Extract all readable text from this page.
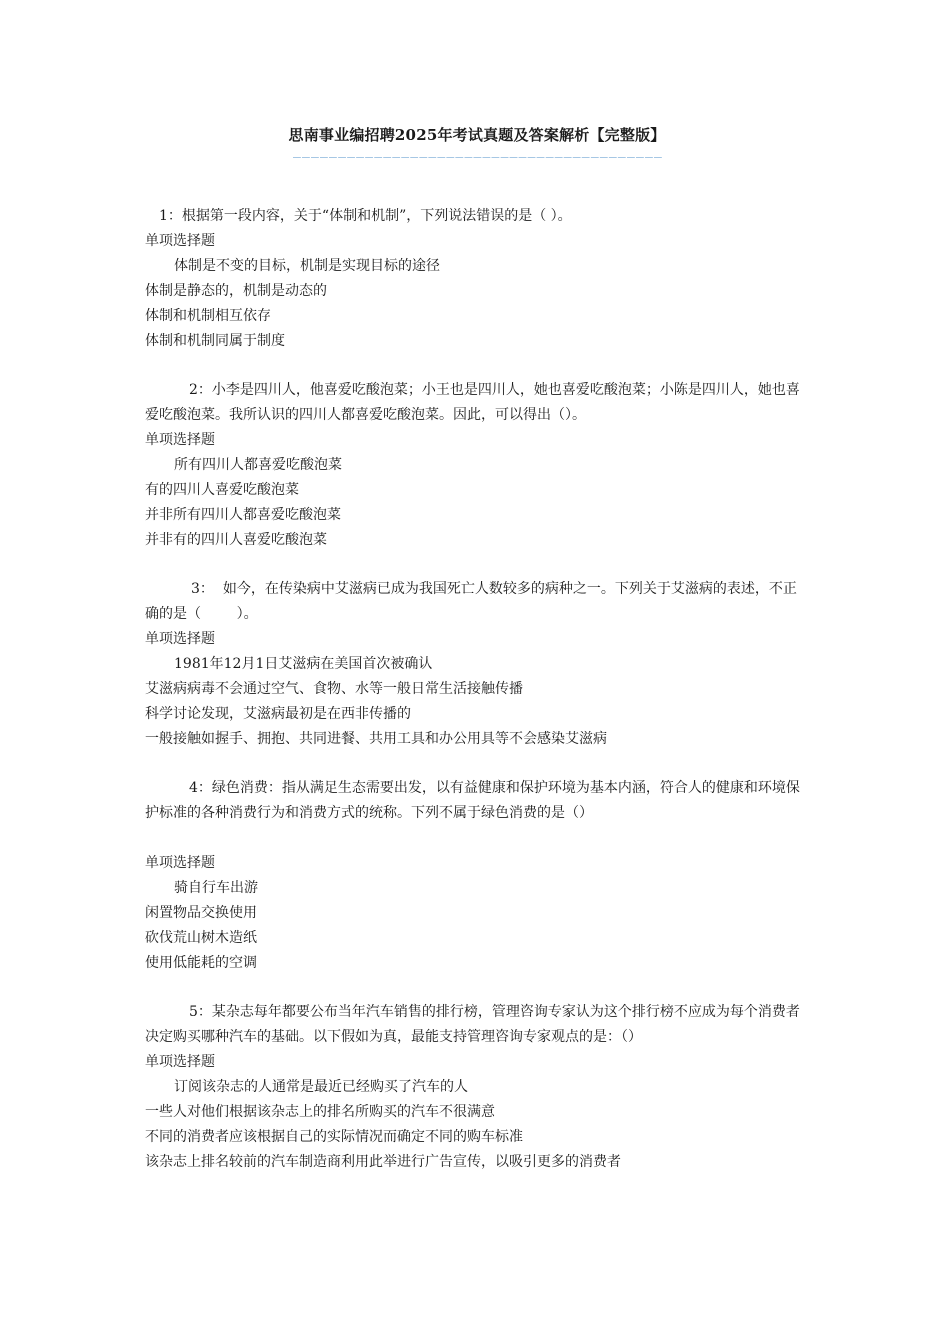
思南事业编招聘2025年考试真题及答案解析【完整版】
—————————————————————————————————————————

1：根据第一段内容，关于“体制和机制”，下列说法错误的是（ ）。

单项选择题

体制是不变的目标，机制是实现目标的途径

体制是静态的，机制是动态的

体制和机制相互依存

体制和机制同属于制度

2：小李是四川人，他喜爱吃酸泡菜；小王也是四川人，她也喜爱吃酸泡菜；小陈是四川人，她也喜爱吃酸泡菜。我所认识的四川人都喜爱吃酸泡菜。因此，可以得出（）。

单项选择题

所有四川人都喜爱吃酸泡菜

有的四川人喜爱吃酸泡菜

并非所有四川人都喜爱吃酸泡菜

并非有的四川人喜爱吃酸泡菜

3：  如今，在传染病中艾滋病已成为我国死亡人数较多的病种之一。下列关于艾滋病的表述，不正确的是（        ）。

单项选择题

1981年12月1日艾滋病在美国首次被确认

艾滋病病毒不会通过空气、食物、水等一般日常生活接触传播

科学讨论发现，艾滋病最初是在西非传播的

一般接触如握手、拥抱、共同进餐、共用工具和办公用具等不会感染艾滋病

4：绿色消费：指从满足生态需要出发，以有益健康和保护环境为基本内涵，符合人的健康和环境保护标准的各种消费行为和消费方式的统称。下列不属于绿色消费的是（）

单项选择题

骑自行车出游

闲置物品交换使用

砍伐荒山树木造纸

使用低能耗的空调

5：某杂志每年都要公布当年汽车销售的排行榜，管理咨询专家认为这个排行榜不应成为每个消费者决定购买哪种汽车的基础。以下假如为真，最能支持管理咨询专家观点的是：（）

单项选择题

订阅该杂志的人通常是最近已经购买了汽车的人

一些人对他们根据该杂志上的排名所购买的汽车不很满意

不同的消费者应该根据自己的实际情况而确定不同的购车标准

该杂志上排名较前的汽车制造商利用此举进行广告宣传，以吸引更多的消费者
